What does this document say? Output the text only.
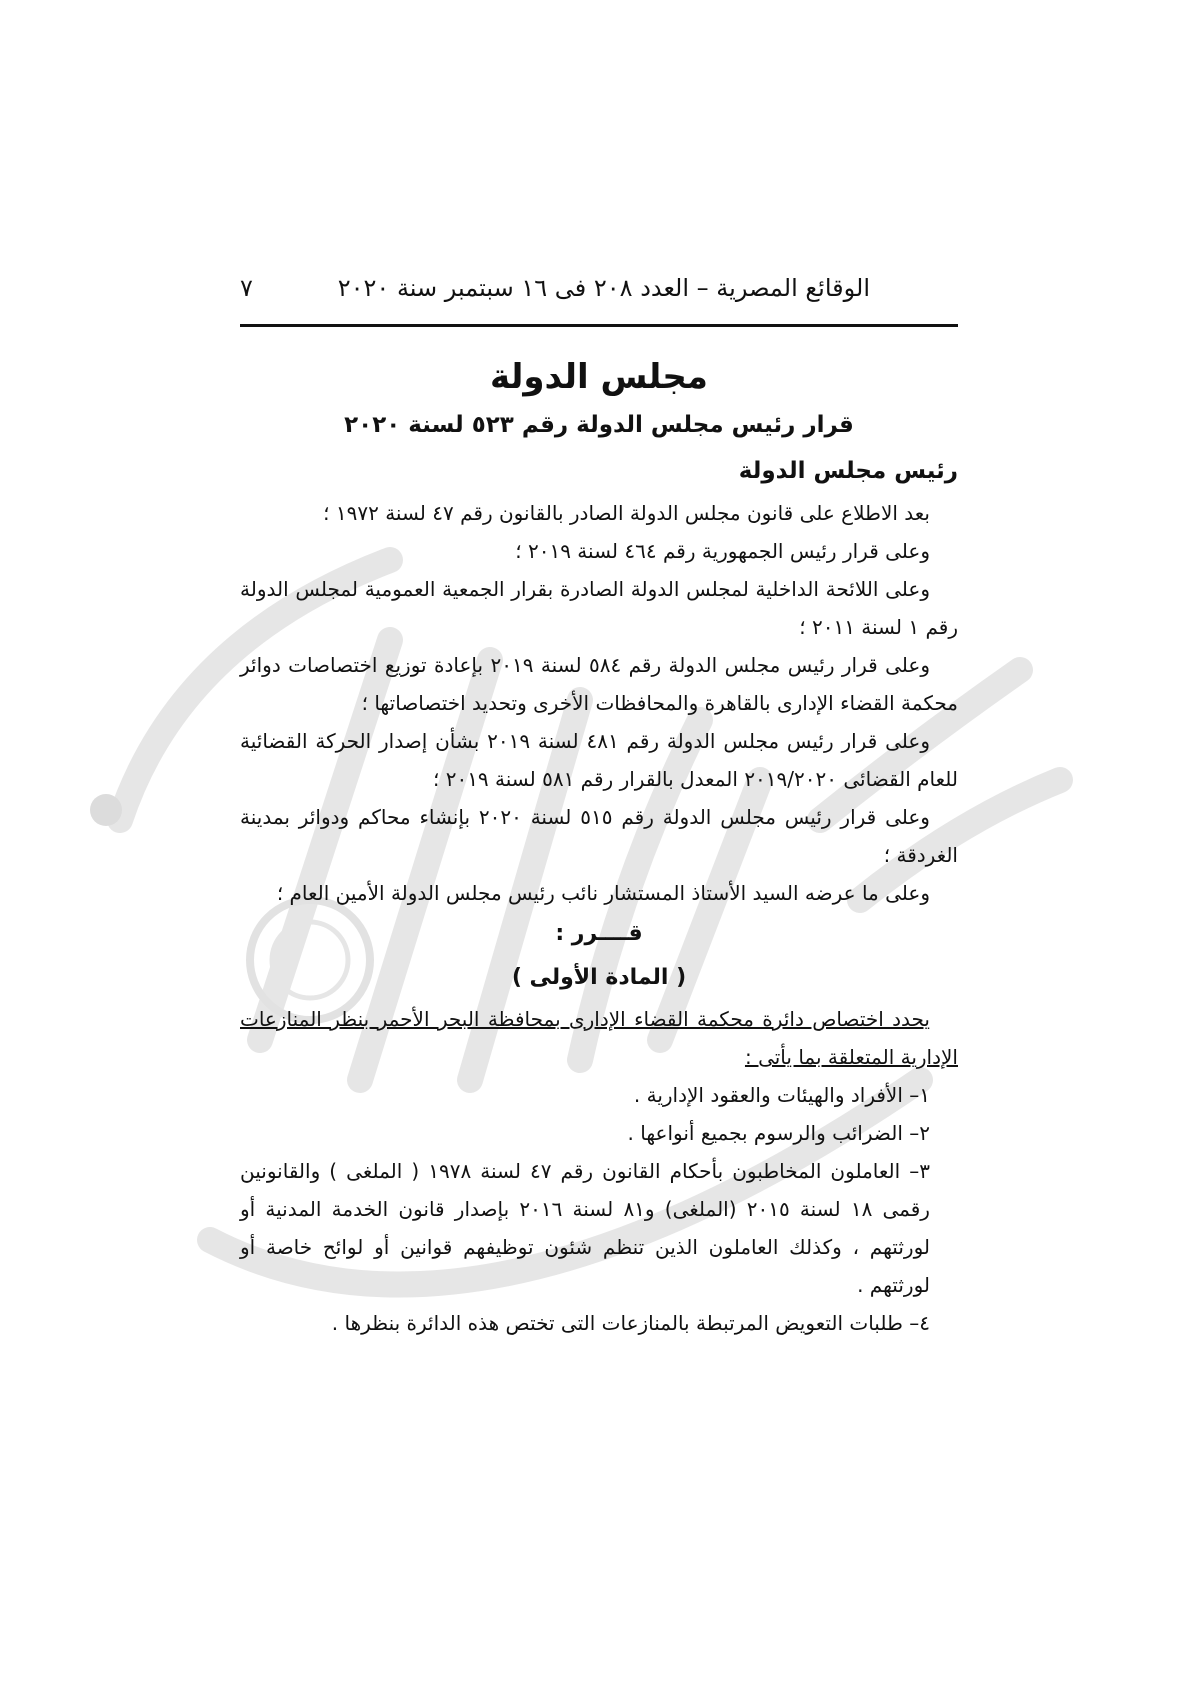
الوقائع المصرية – العدد ٢٠٨ فى ١٦ سبتمبر سنة ٢٠٢٠
٧
مجلس الدولة
قرار رئيس مجلس الدولة رقم ٥٢٣ لسنة ٢٠٢٠
رئيس مجلس الدولة

بعد الاطلاع على قانون مجلس الدولة الصادر بالقانون رقم ٤٧ لسنة ١٩٧٢ ؛

وعلى قرار رئيس الجمهورية رقم ٤٦٤ لسنة ٢٠١٩ ؛

وعلى اللائحة الداخلية لمجلس الدولة الصادرة بقرار الجمعية العمومية لمجلس الدولة رقم ١ لسنة ٢٠١١ ؛

وعلى قرار رئيس مجلس الدولة رقم ٥٨٤ لسنة ٢٠١٩ بإعادة توزيع اختصاصات دوائر محكمة القضاء الإدارى بالقاهرة والمحافظات الأخرى وتحديد اختصاصاتها ؛

وعلى قرار رئيس مجلس الدولة رقم ٤٨١ لسنة ٢٠١٩ بشأن إصدار الحركة القضائية للعام القضائى ٢٠١٩/٢٠٢٠ المعدل بالقرار رقم ٥٨١ لسنة ٢٠١٩ ؛

وعلى قرار رئيس مجلس الدولة رقم ٥١٥ لسنة ٢٠٢٠ بإنشاء محاكم ودوائر بمدينة الغردقة ؛

وعلى ما عرضه السيد الأستاذ المستشار نائب رئيس مجلس الدولة الأمين العام ؛

قــــرر :
( المادة الأولى )

يحدد اختصاص دائرة محكمة القضاء الإدارى بمحافظة البحر الأحمر بنظر المنازعات الإدارية المتعلقة بما يأتى :

١– الأفراد والهيئات والعقود الإدارية .

٢– الضرائب والرسوم بجميع أنواعها .

٣– العاملون المخاطبون بأحكام القانون رقم ٤٧ لسنة ١٩٧٨ ( الملغى ) والقانونين رقمى ١٨ لسنة ٢٠١٥ (الملغى) و٨١ لسنة ٢٠١٦ بإصدار قانون الخدمة المدنية أو لورثتهم ، وكذلك العاملون الذين تنظم شئون توظيفهم قوانين أو لوائح خاصة أو لورثتهم .

٤– طلبات التعويض المرتبطة بالمنازعات التى تختص هذه الدائرة بنظرها .
